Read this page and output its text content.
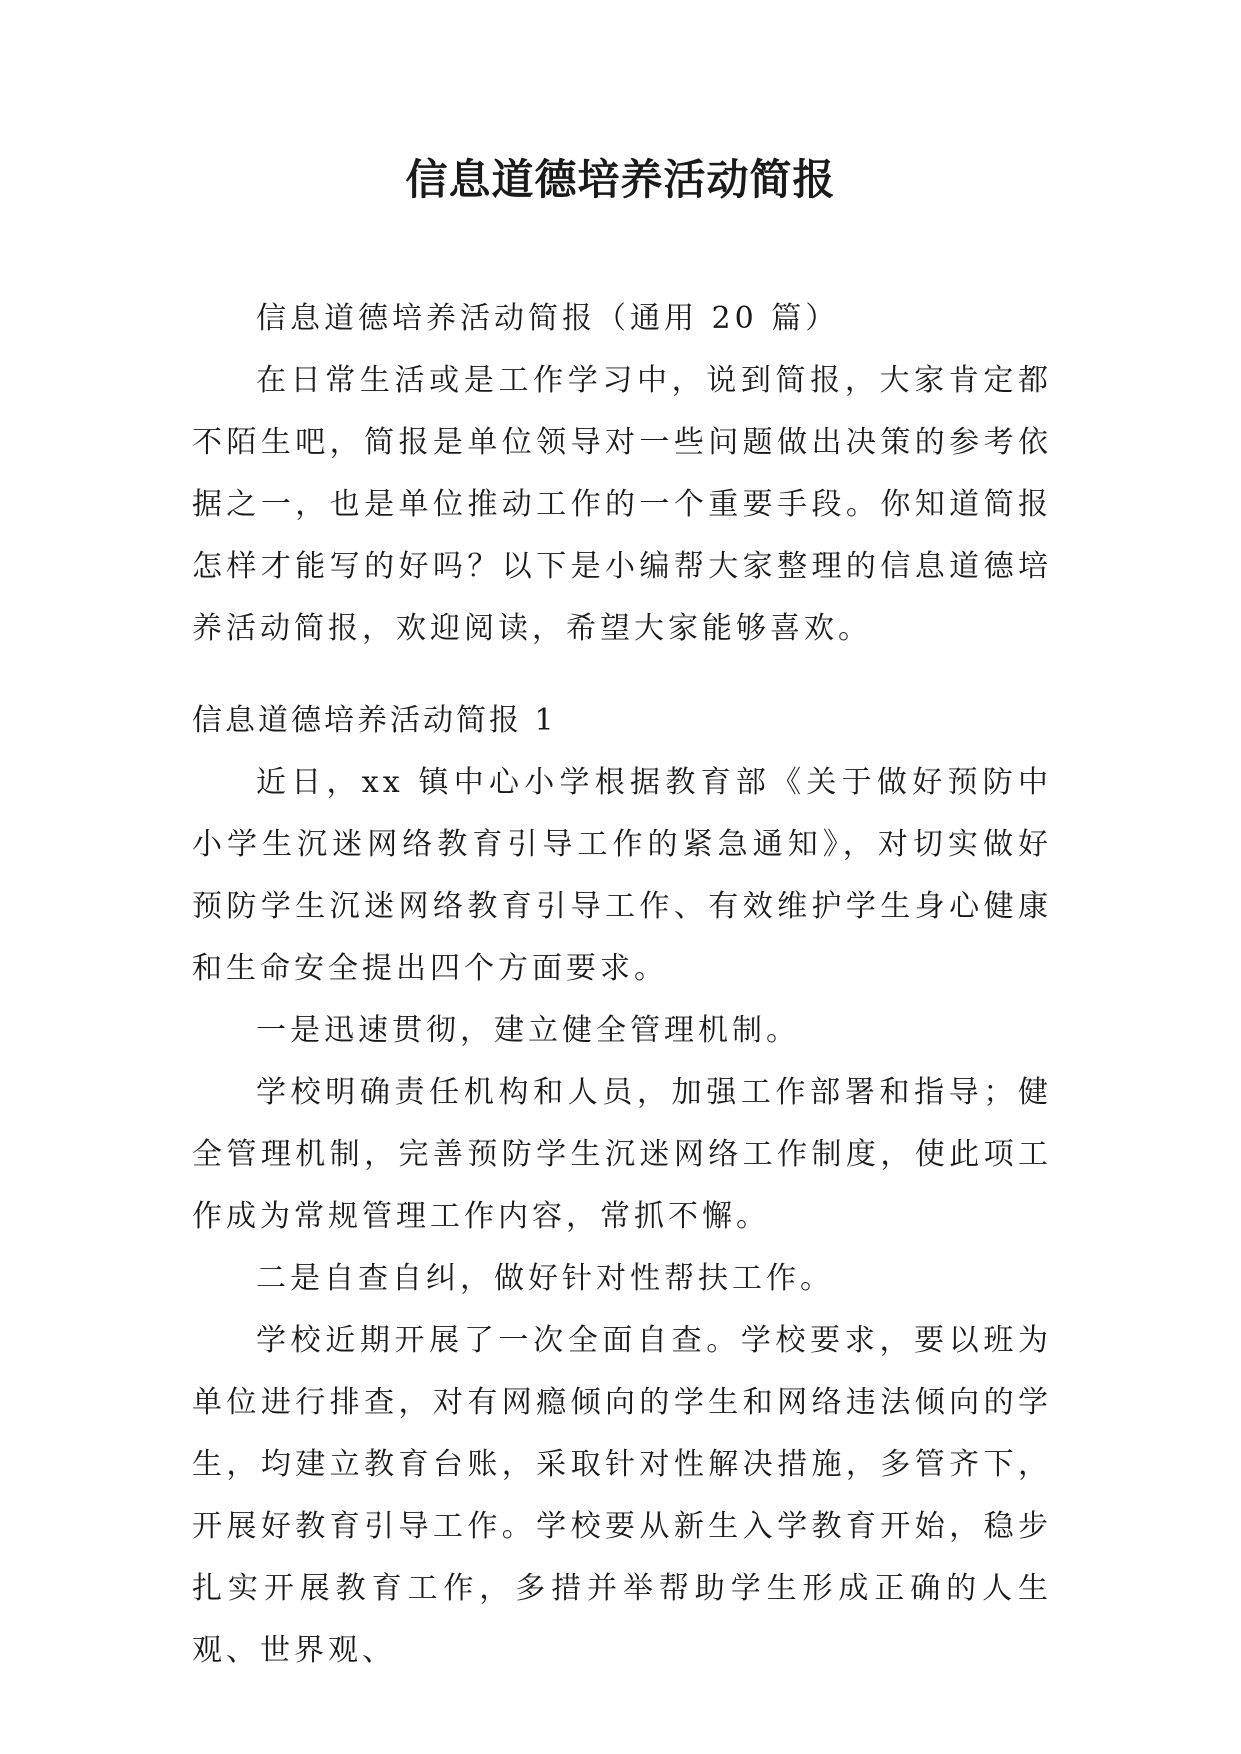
信息道德培养活动简报

信息道德培养活动简报（通用 20 篇）

在日常生活或是工作学习中，说到简报，大家肯定都不陌生吧，简报是单位领导对一些问题做出决策的参考依据之一，也是单位推动工作的一个重要手段。你知道简报怎样才能写的好吗？以下是小编帮大家整理的信息道德培养活动简报，欢迎阅读，希望大家能够喜欢。

信息道德培养活动简报 1

近日，xx 镇中心小学根据教育部《关于做好预防中小学生沉迷网络教育引导工作的紧急通知》，对切实做好预防学生沉迷网络教育引导工作、有效维护学生身心健康和生命安全提出四个方面要求。

一是迅速贯彻，建立健全管理机制。

学校明确责任机构和人员，加强工作部署和指导；健全管理机制，完善预防学生沉迷网络工作制度，使此项工作成为常规管理工作内容，常抓不懈。

二是自查自纠，做好针对性帮扶工作。

学校近期开展了一次全面自查。学校要求，要以班为单位进行排查，对有网瘾倾向的学生和网络违法倾向的学生，均建立教育台账，采取针对性解决措施，多管齐下，开展好教育引导工作。学校要从新生入学教育开始，稳步扎实开展教育工作，多措并举帮助学生形成正确的人生观、世界观、
